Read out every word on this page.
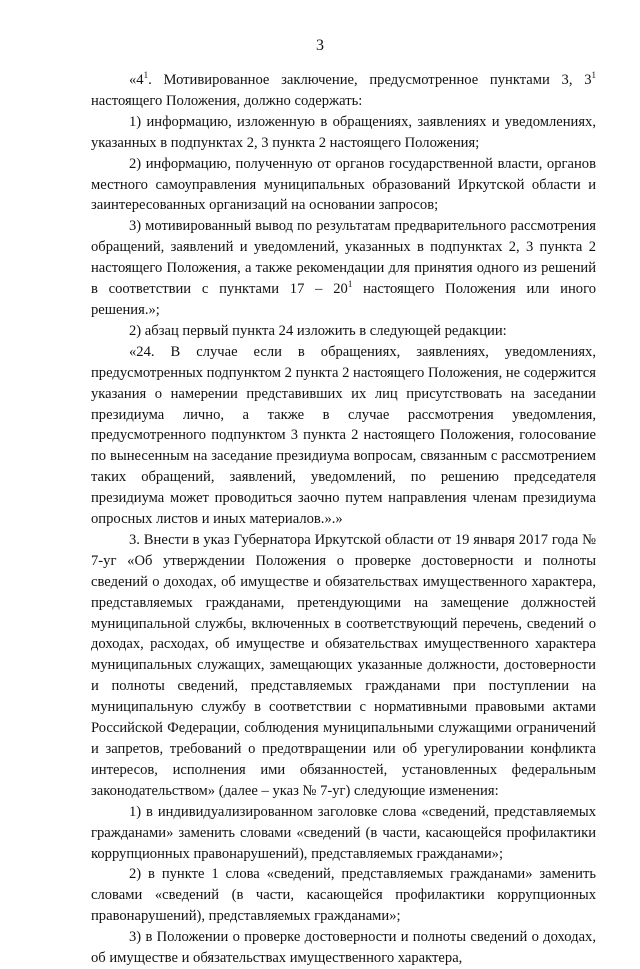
3

«$4^1$. Мотивированное заключение, предусмотренное пунктами 3, $3^1$ настоящего Положения, должно содержать:

1) информацию, изложенную в обращениях, заявлениях и уведомлениях, указанных в подпунктах 2, 3 пункта 2 настоящего Положения;

2) информацию, полученную от органов государственной власти, органов местного самоуправления муниципальных образований Иркутской области и заинтересованных организаций на основании запросов;

3) мотивированный вывод по результатам предварительного рассмотрения обращений, заявлений и уведомлений, указанных в подпунктах 2, 3 пункта 2 настоящего Положения, а также рекомендации для принятия одного из решений в соответствии с пунктами $17 - 20^1$ настоящего Положения или иного решения.»;

2) абзац первый пункта 24 изложить в следующей редакции:

«24. В случае если в обращениях, заявлениях, уведомлениях, предусмотренных подпунктом 2 пункта 2 настоящего Положения, не содержится указания о намерении представивших их лиц присутствовать на заседании президиума лично, а также в случае рассмотрения уведомления, предусмотренного подпунктом 3 пункта 2 настоящего Положения, голосование по вынесенным на заседание президиума вопросам, связанным с рассмотрением таких обращений, заявлений, уведомлений, по решению председателя президиума может проводиться заочно путем направления членам президиума опросных листов и иных материалов.».»

3. Внести в указ Губернатора Иркутской области от 19 января 2017 года № 7-уг «Об утверждении Положения о проверке достоверности и полноты сведений о доходах, об имуществе и обязательствах имущественного характера, представляемых гражданами, претендующими на замещение должностей муниципальной службы, включенных в соответствующий перечень, сведений о доходах, расходах, об имуществе и обязательствах имущественного характера муниципальных служащих, замещающих указанные должности, достоверности и полноты сведений, представляемых гражданами при поступлении на муниципальную службу в соответствии с нормативными правовыми актами Российской Федерации, соблюдения муниципальными служащими ограничений и запретов, требований о предотвращении или об урегулировании конфликта интересов, исполнения ими обязанностей, установленных федеральным законодательством» (далее – указ № 7-уг) следующие изменения:

1) в индивидуализированном заголовке слова «сведений, представляемых гражданами» заменить словами «сведений (в части, касающейся профилактики коррупционных правонарушений), представляемых гражданами»;

2) в пункте 1 слова «сведений, представляемых гражданами» заменить словами «сведений (в части, касающейся профилактики коррупционных правонарушений), представляемых гражданами»;

3) в Положении о проверке достоверности и полноты сведений о доходах, об имуществе и обязательствах имущественного характера,
